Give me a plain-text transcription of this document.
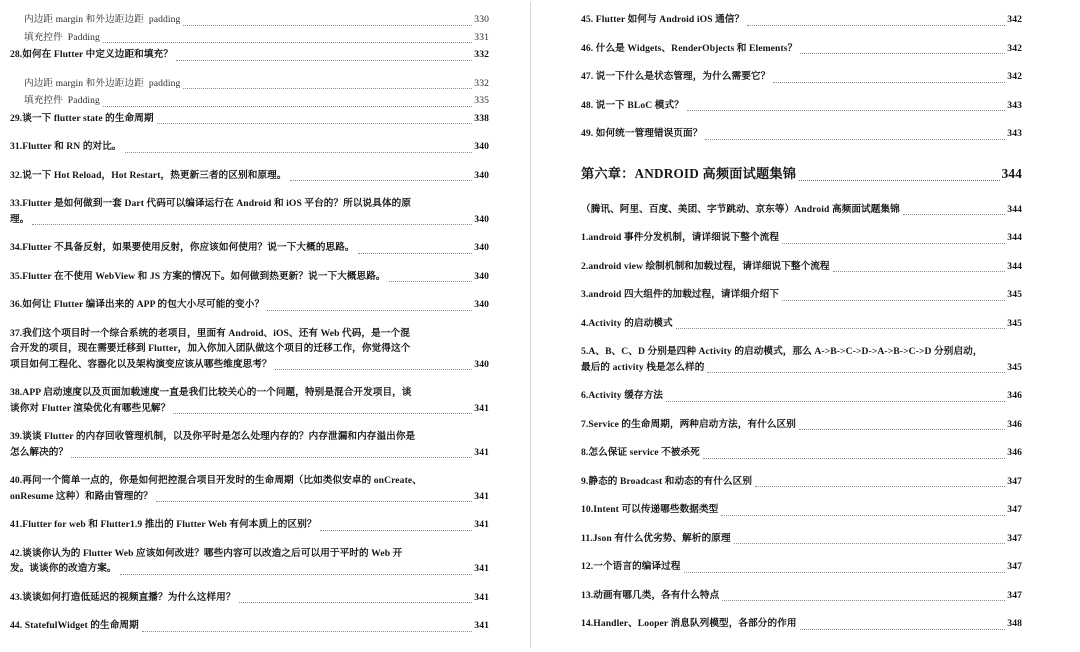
内边距 margin 和外边距边距  padding	330
填充控件  Padding	331
28.如何在 Flutter 中定义边距和填充？	332
内边距 margin 和外边距边距  padding	332
填充控件  Padding	335
29.谈一下 flutter state 的生命周期	338
31.Flutter 和 RN 的对比。	340
32.说一下 Hot Reload，Hot Restart，热更新三者的区别和原理。	340
33.Flutter 是如何做到一套 Dart 代码可以编译运行在 Android 和 iOS 平台的？所以说具体的原
理。	340
34.Flutter 不具备反射，如果要使用反射，你应该如何使用？说一下大概的思路。	340
35.Flutter 在不使用 WebView 和 JS 方案的情况下。如何做到热更新？说一下大概思路。	340
36.如何让 Flutter 编译出来的 APP 的包大小尽可能的变小？	340
37.我们这个项目时一个综合系统的老项目，里面有 Android、iOS、还有 Web 代码，是一个混
合开发的项目，现在需要迁移到 Flutter，加入你加入团队做这个项目的迁移工作，你觉得这个
项目如何工程化、容器化以及架构演变应该从哪些维度思考？	340
38.APP 启动速度以及页面加载速度一直是我们比较关心的一个问题，特别是混合开发项目，谈
谈你对 Flutter 渲染优化有哪些见解？	341
39.谈谈 Flutter 的内存回收管理机制，以及你平时是怎么处理内存的？内存泄漏和内存溢出你是
怎么解决的？	341
40.再问一个简单一点的，你是如何把控混合项目开发时的生命周期（比如类似安卓的 onCreate、
onResume 这种）和路由管理的？	341
41.Flutter for web 和 Flutter1.9 推出的 Flutter Web 有何本质上的区别？	341
42.谈谈你认为的 Flutter Web 应该如何改进？哪些内容可以改造之后可以用于平时的 Web 开
发。谈谈你的改造方案。	341
43.谈谈如何打造低延迟的视频直播？为什么这样用？	341
44. StatefulWidget 的生命周期	341
45. Flutter 如何与 Android iOS 通信？	342
46. 什么是 Widgets、RenderObjects 和 Elements？	342
47. 说一下什么是状态管理，为什么需要它？	342
48. 说一下 BLoC 模式？	343
49. 如何统一管理错误页面？	343
第六章：ANDROID 高频面试题集锦	344
（腾讯、阿里、百度、美团、字节跳动、京东等）Android 高频面试题集锦	344
1.android 事件分发机制，请详细说下整个流程	344
2.android view 绘制机制和加载过程，请详细说下整个流程	344
3.android 四大组件的加载过程，请详细介绍下	345
4.Activity 的启动模式	345
5.A、B、C、D 分别是四种 Activity 的启动模式，那么 A->B->C->D->A->B->C->D 分别启动，
最后的 activity 栈是怎么样的	345
6.Activity 缓存方法	346
7.Service 的生命周期，两种启动方法，有什么区别	346
8.怎么保证 service 不被杀死	346
9.静态的 Broadcast 和动态的有什么区别	347
10.Intent 可以传递哪些数据类型	347
11.Json 有什么优劣势、解析的原理	347
12.一个语言的编译过程	347
13.动画有哪几类，各有什么特点	347
14.Handler、Looper 消息队列模型，各部分的作用	348
